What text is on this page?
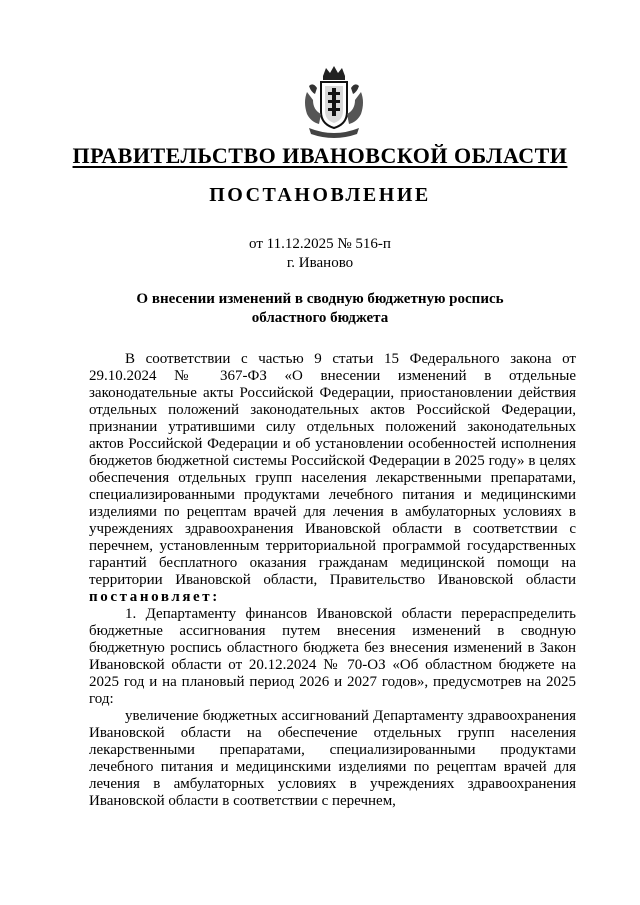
ПРАВИТЕЛЬСТВО ИВАНОВСКОЙ ОБЛАСТИ
ПОСТАНОВЛЕНИЕ
от 11.12.2025 № 516-п
г. Иваново
О внесении изменений в сводную бюджетную роспись
областного бюджета

В соответствии с частью 9 статьи 15 Федерального закона от 29.10.2024 № 367-ФЗ «О внесении изменений в отдельные законодательные акты Российской Федерации, приостановлении действия отдельных положений законодательных актов Российской Федерации, признании утратившими силу отдельных положений законодательных актов Российской Федерации и об установлении особенностей исполнения бюджетов бюджетной системы Российской Федерации в 2025 году» в целях обеспечения отдельных групп населения лекарственными препаратами, специализированными продуктами лечебного питания и медицинскими изделиями по рецептам врачей для лечения в амбулаторных условиях в учреждениях здравоохранения Ивановской области в соответствии с перечнем, установленным территориальной программой государственных гарантий бесплатного оказания гражданам медицинской помощи на территории Ивановской области, Правительство Ивановской области постановляет:

1. Департаменту финансов Ивановской области перераспределить бюджетные ассигнования путем внесения изменений в сводную бюджетную роспись областного бюджета без внесения изменений в Закон Ивановской области от 20.12.2024 № 70-ОЗ «Об областном бюджете на 2025 год и на плановый период 2026 и 2027 годов», предусмотрев на 2025 год:

увеличение бюджетных ассигнований Департаменту здравоохранения Ивановской области на обеспечение отдельных групп населения лекарственными препаратами, специализированными продуктами лечебного питания и медицинскими изделиями по рецептам врачей для лечения в амбулаторных условиях в учреждениях здравоохранения Ивановской области в соответствии с перечнем,
